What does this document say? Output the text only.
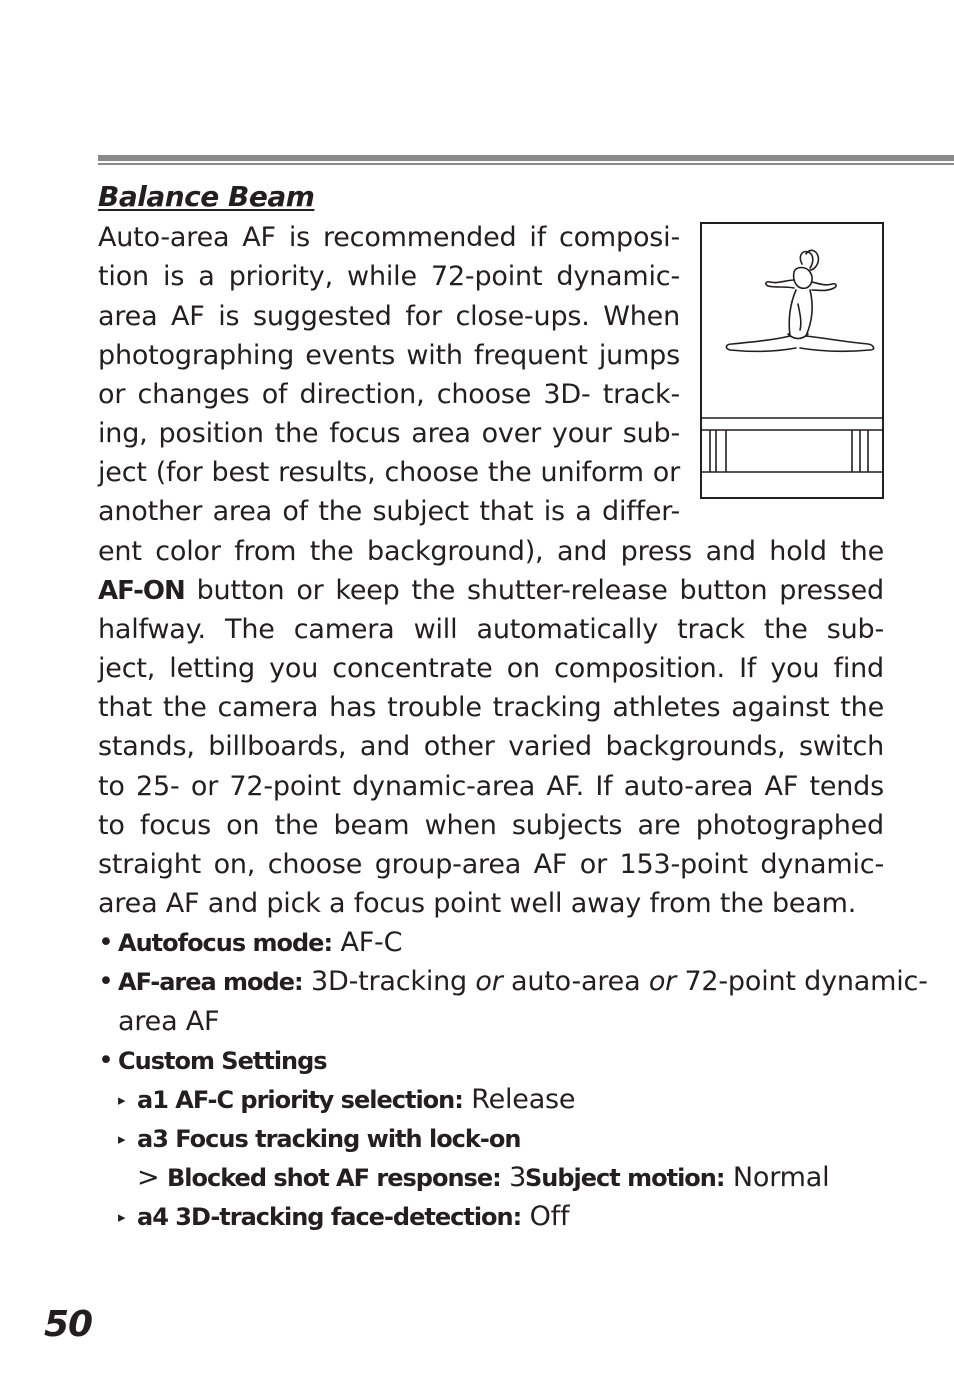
Balance Beam
Auto-area AF is recommended if composi-
tion is a priority, while 72-point dynamic-
area AF is suggested for close-ups. When
photographing events with frequent jumps
or changes of direction, choose 3D- track-
ing, position the focus area over your sub-
ject (for best results, choose the uniform or
another area of the subject that is a differ-
ent color from the background), and press and hold the
AF-ON button or keep the shutter-release button pressed
halfway. The camera will automatically track the sub-
ject, letting you concentrate on composition. If you find
that the camera has trouble tracking athletes against the
stands, billboards, and other varied backgrounds, switch
to 25- or 72-point dynamic-area AF. If auto-area AF tends
to focus on the beam when subjects are photographed
straight on, choose group-area AF or 153-point dynamic-
area AF and pick a focus point well away from the beam.
• Autofocus mode: AF-C
• AF-area mode: 3D-tracking or auto-area or 72-point dynamic-
area AF
• Custom Settings
▸ a1 AF-C priority selection: Release
▸ a3 Focus tracking with lock-on
> Blocked shot AF response: 3
Subject motion: Normal
▸ a4 3D-tracking face-detection: Off
50
